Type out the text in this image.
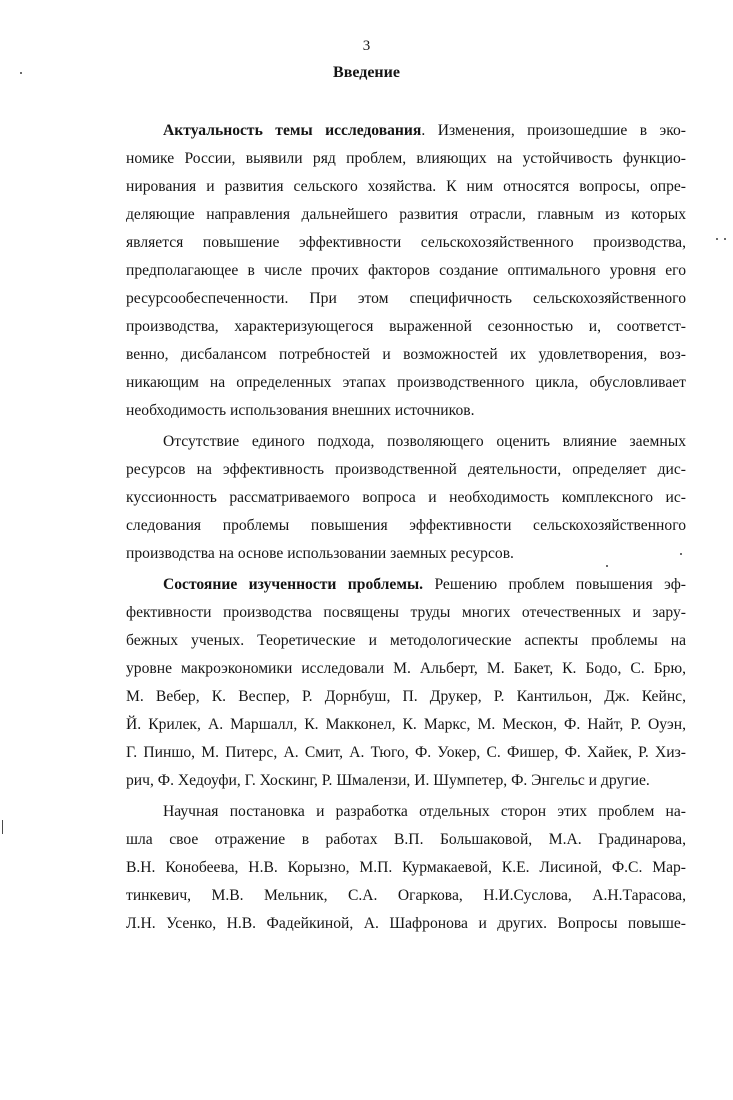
3
Введение
Актуальность темы исследования. Изменения, произошедшие в эко-
номике России, выявили ряд проблем, влияющих на устойчивость функцио-
нирования и развития сельского хозяйства. К ним относятся вопросы, опре-
деляющие направления дальнейшего развития отрасли, главным из которых
является повышение эффективности сельскохозяйственного производства,
предполагающее в числе прочих факторов создание оптимального уровня его
ресурсообеспеченности. При этом специфичность сельскохозяйственного
производства, характеризующегося выраженной сезонностью и, соответст-
венно, дисбалансом потребностей и возможностей их удовлетворения, воз-
никающим на определенных этапах производственного цикла, обусловливает
необходимость использования внешних источников.
Отсутствие единого подхода, позволяющего оценить влияние заемных
ресурсов на эффективность производственной деятельности, определяет дис-
куссионность рассматриваемого вопроса и необходимость комплексного ис-
следования проблемы повышения эффективности сельскохозяйственного
производства на основе использовании заемных ресурсов.
Состояние изученности проблемы. Решению проблем повышения эф-
фективности производства посвящены труды многих отечественных и зару-
бежных ученых. Теоретические и методологические аспекты проблемы на
уровне макроэкономики исследовали М. Альберт, М. Бакет, К. Бодо, С. Брю,
М. Вебер, К. Веспер, Р. Дорнбуш, П. Друкер, Р. Кантильон, Дж. Кейнс,
Й. Крилек, А. Маршалл, К. Макконел, К. Маркс, М. Мескон, Ф. Найт, Р. Оуэн,
Г. Пиншо, М. Питерс, А. Смит, А. Тюго, Ф. Уокер, С. Фишер, Ф. Хайек, Р. Хиз-
рич, Ф. Хедоуфи, Г. Хоскинг, Р. Шмалензи, И. Шумпетер, Ф. Энгельс и другие.
Научная постановка и разработка отдельных сторон этих проблем на-
шла свое отражение в работах В.П. Большаковой, М.А. Градинарова,
В.Н. Конобеева, Н.В. Корызно, М.П. Курмакаевой, К.Е. Лисиной, Ф.С. Мар-
тинкевич, М.В. Мельник, С.А. Огаркова, Н.И.Суслова, А.Н.Тарасова,
Л.Н. Усенко, Н.В. Фадейкиной, А. Шафронова и других. Вопросы повыше-
